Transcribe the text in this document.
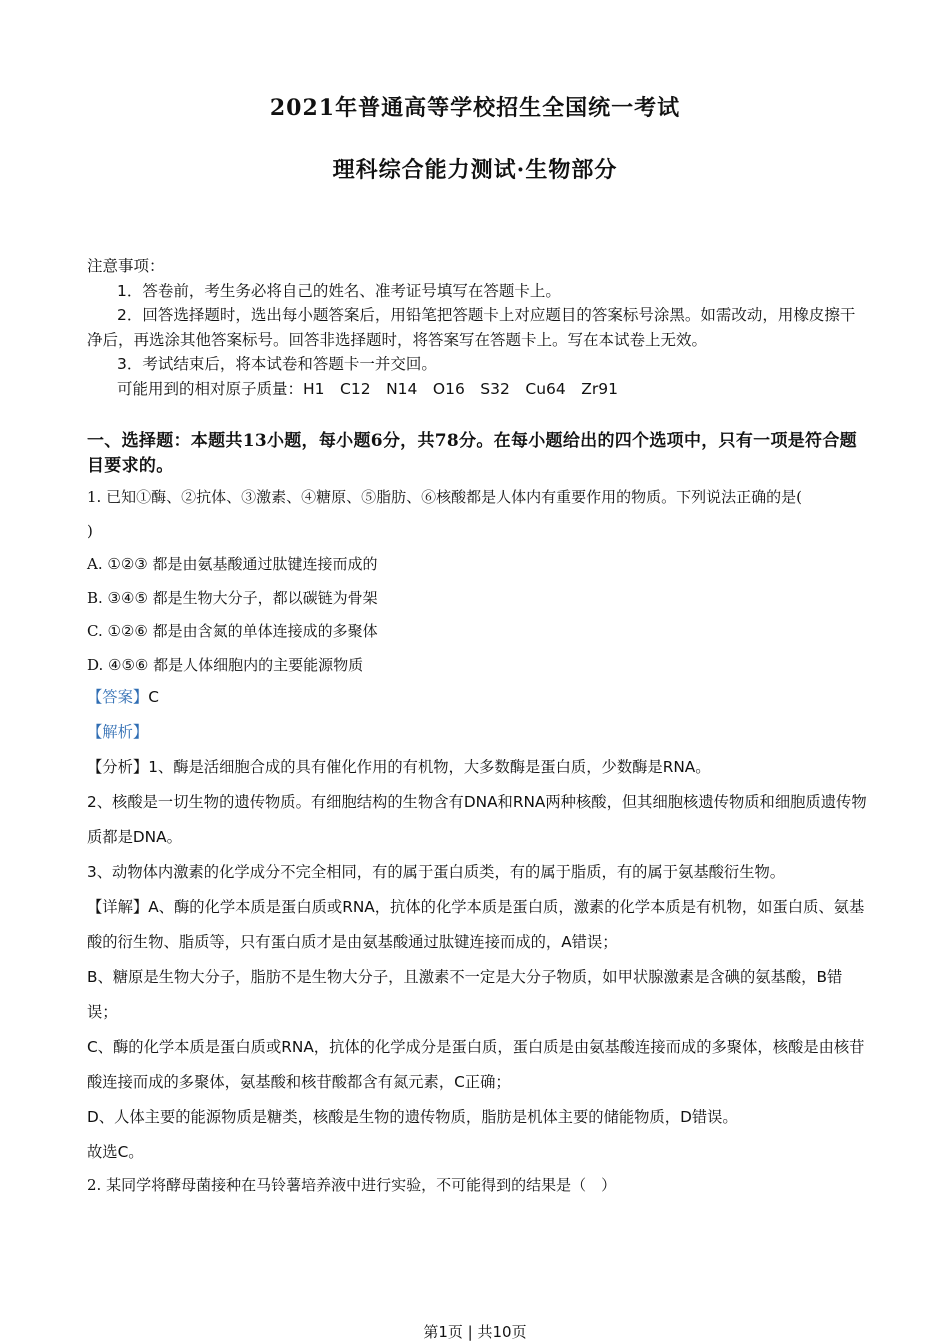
2021年普通高等学校招生全国统一考试
理科综合能力测试·生物部分
注意事项：
1．答卷前，考生务必将自己的姓名、准考证号填写在答题卡上。
2．回答选择题时，选出每小题答案后，用铅笔把答题卡上对应题目的答案标号涂黑。如需改动，用橡皮擦干净后，再选涂其他答案标号。回答非选择题时，将答案写在答题卡上。写在本试卷上无效。
3．考试结束后，将本试卷和答题卡一并交回。
可能用到的相对原子质量：H1　C12　N14　O16　S32　Cu64　Zr91
一、选择题：本题共13小题，每小题6分，共78分。在每小题给出的四个选项中，只有一项是符合题目要求的。

1. 已知①酶、②抗体、③激素、④糖原、⑤脂肪、⑥核酸都是人体内有重要作用的物质。下列说法正确的是(

)

A. ①②③ 都是由氨基酸通过肽键连接而成的

B. ③④⑤ 都是生物大分子，都以碳链为骨架

C. ①②⑥ 都是由含氮的单体连接成的多聚体

D. ④⑤⑥ 都是人体细胞内的主要能源物质

【答案】C

【解析】

【分析】1、酶是活细胞合成的具有催化作用的有机物，大多数酶是蛋白质，少数酶是RNA。

2、核酸是一切生物的遗传物质。有细胞结构的生物含有DNA和RNA两种核酸，但其细胞核遗传物质和细胞质遗传物质都是DNA。

3、动物体内激素的化学成分不完全相同，有的属于蛋白质类，有的属于脂质，有的属于氨基酸衍生物。

【详解】A、酶的化学本质是蛋白质或RNA，抗体的化学本质是蛋白质，激素的化学本质是有机物，如蛋白质、氨基酸的衍生物、脂质等，只有蛋白质才是由氨基酸通过肽键连接而成的，A错误；

B、糖原是生物大分子，脂肪不是生物大分子，且激素不一定是大分子物质，如甲状腺激素是含碘的氨基酸，B错误；

C、酶的化学本质是蛋白质或RNA，抗体的化学成分是蛋白质，蛋白质是由氨基酸连接而成的多聚体，核酸是由核苷酸连接而成的多聚体，氨基酸和核苷酸都含有氮元素，C正确；

D、人体主要的能源物质是糖类，核酸是生物的遗传物质，脂肪是机体主要的储能物质，D错误。

故选C。

2. 某同学将酵母菌接种在马铃薯培养液中进行实验，不可能得到的结果是（　）

第1页 | 共10页
